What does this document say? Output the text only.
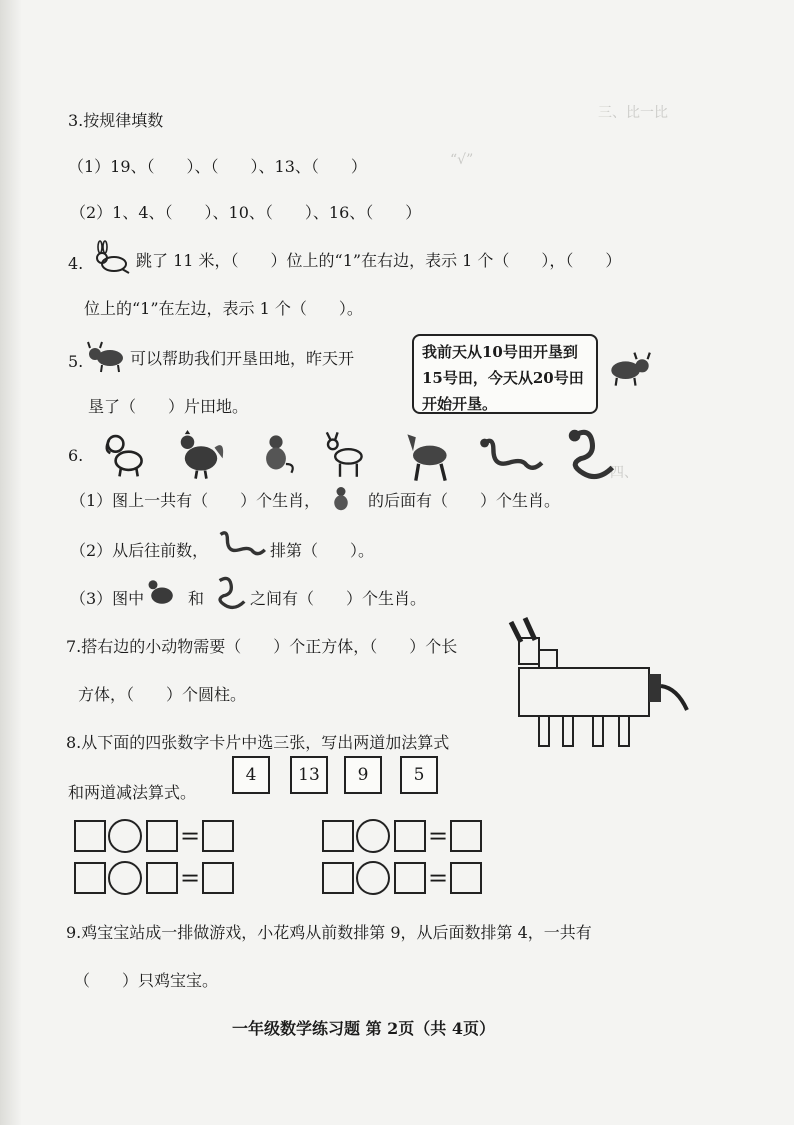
三、比一比
“√”
四、
3.按规律填数
（1）19、（　　）、（　　）、13、（　　）
（2）1、4、（　　）、10、（　　）、16、（　　）
4.	跳了 11 米，（　　）位上的“1”在右边，表示 1 个（　　），（　　）
位上的“1”在左边，表示 1 个（　　）。
5.	可以帮助我们开垦田地，昨天开
垦了（　　）片田地。
我前天从10号田开垦到15号田，今天从20号田开始开垦。
6.
（1）图上一共有（　　）个生肖，	的后面有（　　）个生肖。
（2）从后往前数，	排第（　　）。
（3）图中	和	之间有（　　）个生肖。
7.搭右边的小动物需要（　　）个正方体，（　　）个长
方体，（　　）个圆柱。
8.从下面的四张数字卡片中选三张，写出两道加法算式
和两道减法算式。
4	13	9	5
=	=
=	=
9.鸡宝宝站成一排做游戏，小花鸡从前数排第 9，从后面数排第 4，一共有
（　　）只鸡宝宝。
一年级数学练习题 第 2页（共 4页）
